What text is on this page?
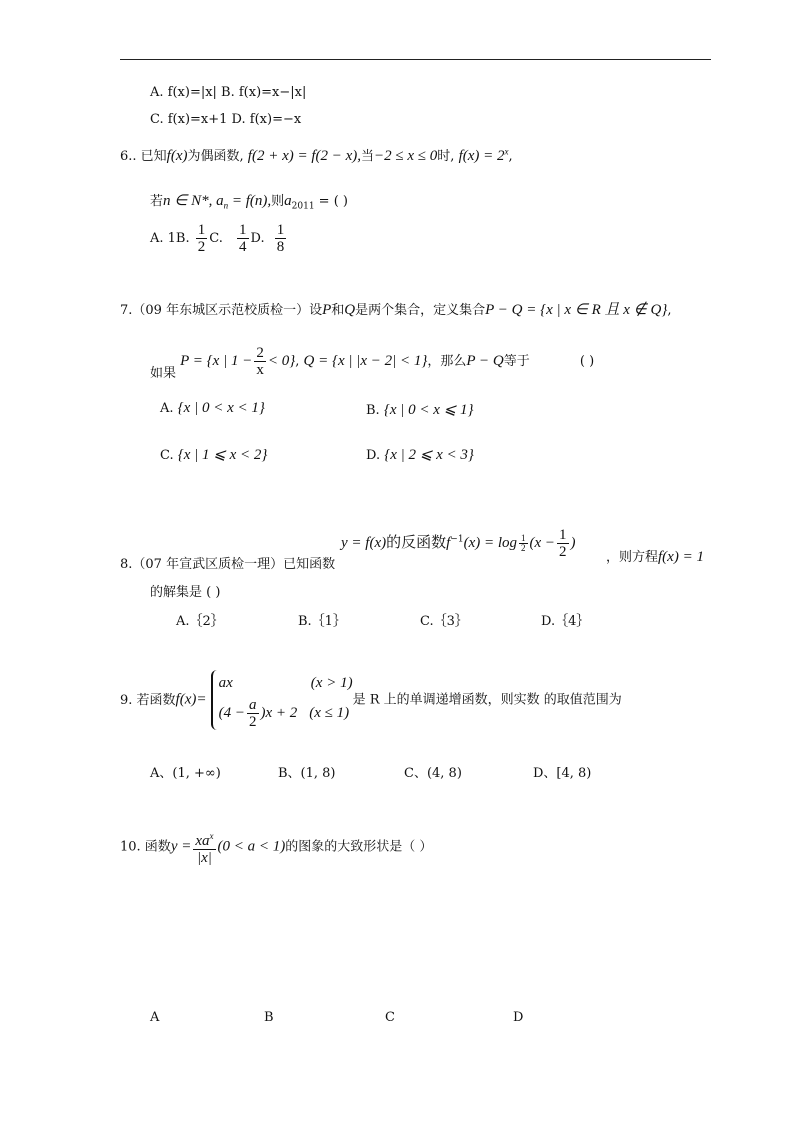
A. f(x)=|x| B. f(x)=x−|x|
C. f(x)=x+1 D. f(x)=−x
6.. 已知f(x)为偶函数, f(2 + x) = f(2 − x),当−2 ≤ x ≤ 0时, $f(x) = 2^x$,
若n ∈ N*, $a_n = f(n)$,则$a_{2011}$ = ( )
A. 1B. $\frac{1}{2} C$. $\frac{1}{4} D$. $\frac{1}{8}$
7.（09 年东城区示范校质检一）设P和Q是两个集合，定义集合P − Q = {x | x ∈ R 且 x ∉ Q},
如果 P = {x | $1 - \frac{2}{x} < 0$}, Q = {x | |x − 2| < 1}，那么P − Q等于	( )
A. {x | 0 < x < 1}	B. {x | 0 < x ⩽ 1}
C. {x | 1 ⩽ x < 2}	D. {x | 2 ⩽ x < 3}
y = f(x)的反函数$f^{-1}(x) = \log \frac{1}{2} (x - \frac{1}{2}$ )
8.（07 年宣武区质检一理）已知函数	，则方程f(x) = 1
的解集是 ( )
A.｛2｝	B.｛1｝	C.｛3｝	D.｛4｝
9. 若函数f(x)=
ax	(x > 1)
$(4 - \frac{a}{2} )x + 2$ (x ≤ 1)
是 R 上的单调递增函数，则实数 的取值范围为
A、(1, +∞)	B、(1, 8)	C、(4, 8)	D、[4, 8)
10. 函数$y = \frac{xa^x}{|x|} (0 < a < 1)$的图象的大致形状是（ ）
A	B	C	D
